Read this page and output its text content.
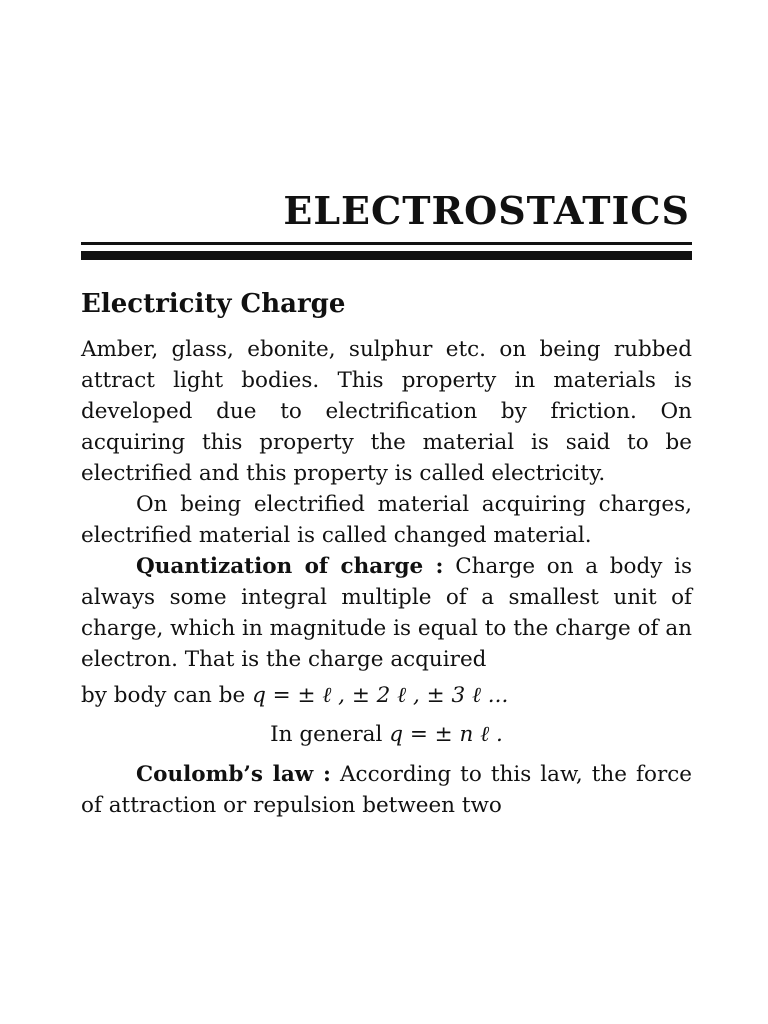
ELECTROSTATICS
Electricity Charge

Amber, glass, ebonite, sulphur etc. on being rubbed attract light bodies. This property in materials is developed due to electrification by friction. On acquiring this property the material is said to be electrified and this property is called electricity.

On being electrified material acquiring charges, electrified material is called changed material.

Quantization of charge : Charge on a body is always some integral multiple of a smallest unit of charge, which in magnitude is equal to the charge of an electron. That is the charge acquired

by body can be q = ± ℓ , ± 2 ℓ , ± 3 ℓ ...

In general q = ± n ℓ .

Coulomb’s law : According to this law, the force of attraction or repulsion between two
